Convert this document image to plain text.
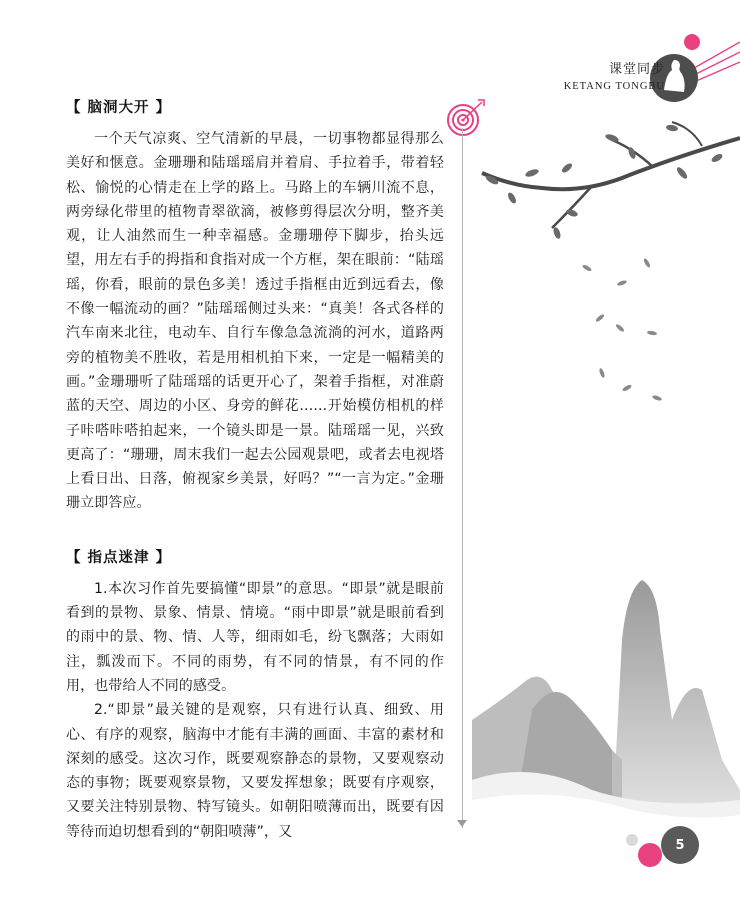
课堂同步
KETANG TONGBU
【 脑洞大开 】

一个天气凉爽、空气清新的早晨，一切事物都显得那么美好和惬意。金珊珊和陆瑶瑶肩并着肩、手拉着手，带着轻松、愉悦的心情走在上学的路上。马路上的车辆川流不息，两旁绿化带里的植物青翠欲滴，被修剪得层次分明，整齐美观，让人油然而生一种幸福感。金珊珊停下脚步，抬头远望，用左右手的拇指和食指对成一个方框，架在眼前：“陆瑶瑶，你看，眼前的景色多美！透过手指框由近到远看去，像不像一幅流动的画？”陆瑶瑶侧过头来：“真美！各式各样的汽车南来北往，电动车、自行车像急急流淌的河水，道路两旁的植物美不胜收，若是用相机拍下来，一定是一幅精美的画。”金珊珊听了陆瑶瑶的话更开心了，架着手指框，对准蔚蓝的天空、周边的小区、身旁的鲜花……开始模仿相机的样子咔嗒咔嗒拍起来，一个镜头即是一景。陆瑶瑶一见，兴致更高了：“珊珊，周末我们一起去公园观景吧，或者去电视塔上看日出、日落，俯视家乡美景，好吗？”“一言为定。”金珊珊立即答应。

【 指点迷津 】

1.本次习作首先要搞懂“即景”的意思。“即景”就是眼前看到的景物、景象、情景、情境。“雨中即景”就是眼前看到的雨中的景、物、情、人等，细雨如毛，纷飞飘落；大雨如注，瓢泼而下。不同的雨势，有不同的情景，有不同的作用，也带给人不同的感受。

2.“即景”最关键的是观察，只有进行认真、细致、用心、有序的观察，脑海中才能有丰满的画面、丰富的素材和深刻的感受。这次习作，既要观察静态的景物，又要观察动态的事物；既要观察景物，又要发挥想象；既要有序观察，又要关注特别景物、特写镜头。如朝阳喷薄而出，既要有因等待而迫切想看到的“朝阳喷薄”，又

5
